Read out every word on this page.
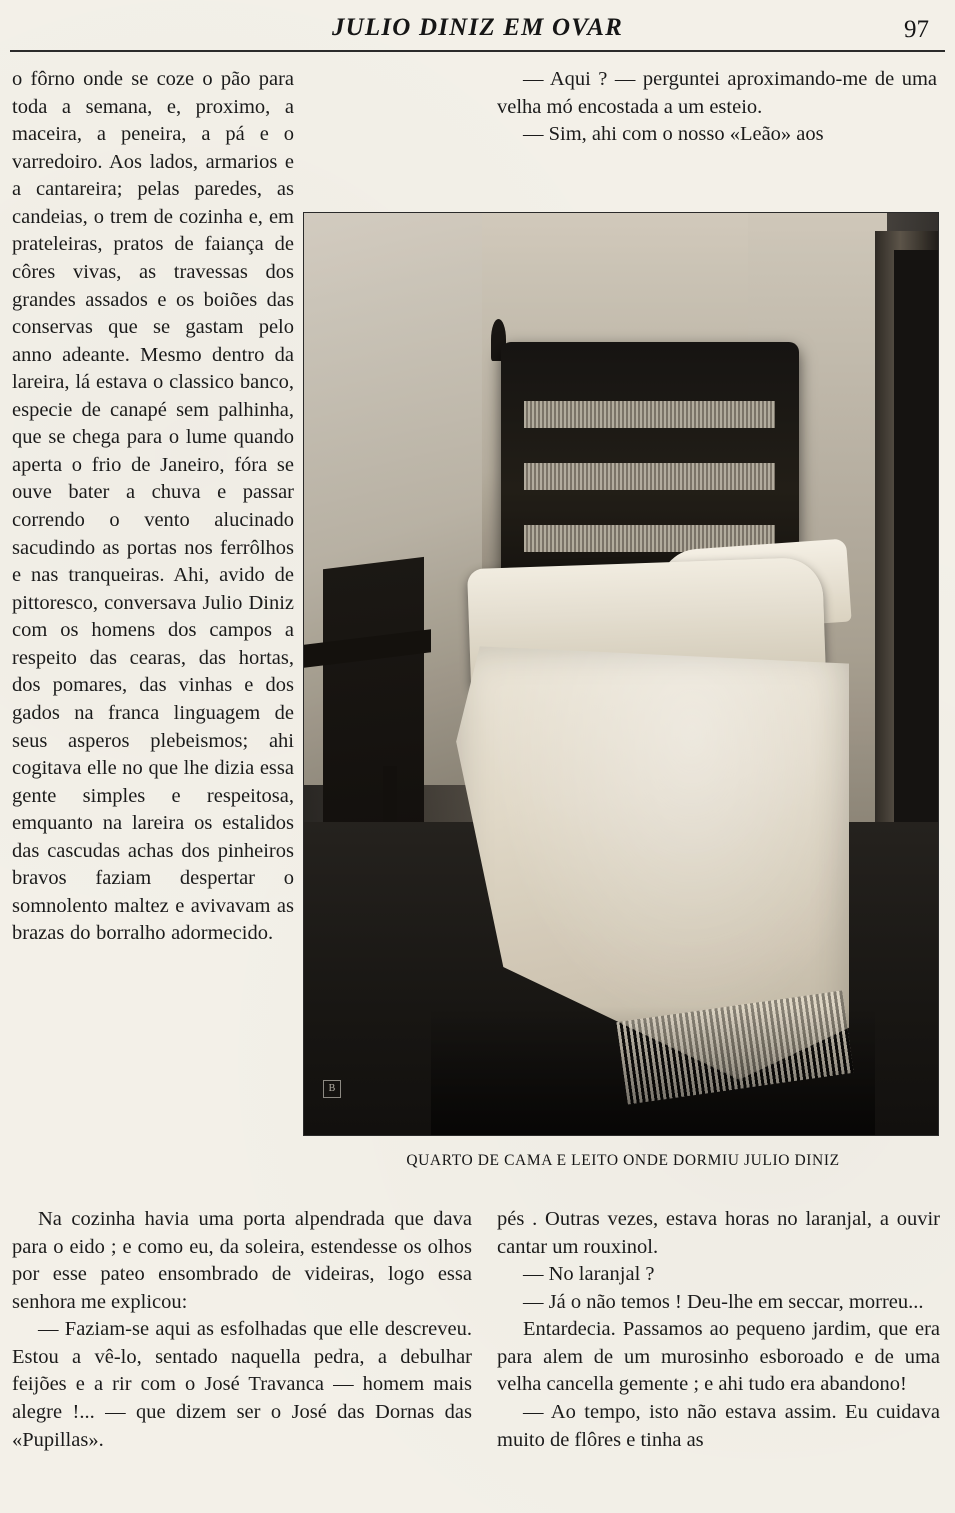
JULIO DINIZ EM OVAR	97

o fôrno onde se coze o pão para toda a semana, e, proximo, a maceira, a peneira, a pá e o varredoiro. Aos lados, armarios e a cantareira; pelas paredes, as candeias, o trem de cozinha e, em prateleiras, pratos de faiança de côres vivas, as travessas dos grandes assados e os boiões das conservas que se gastam pelo anno adeante. Mesmo dentro da lareira, lá estava o classico banco, especie de canapé sem palhinha, que se chega para o lume quando aperta o frio de Janeiro, fóra se ouve bater a chuva e passar correndo o vento alucinado sacudindo as portas nos ferrôlhos e nas tranqueiras. Ahi, avido de pittoresco, conversava Julio Diniz com os homens dos campos a respeito das cearas, das hortas, dos pomares, das vinhas e dos gados na franca linguagem de seus asperos plebeismos; ahi cogitava elle no que lhe dizia essa gente simples e respeitosa, emquanto na lareira os estalidos das cascudas achas dos pinheiros bravos faziam despertar o somnolento maltez e avivavam as brazas do borralho adormecido.

— Aqui ? — perguntei aproximando-me de uma velha mó encostada a um esteio.

— Sim, ahi com o nosso «Leão» aos

B
QUARTO DE CAMA E LEITO ONDE DORMIU JULIO DINIZ

Na cozinha havia uma porta alpendrada que dava para o eido ; e como eu, da soleira, estendesse os olhos por esse pateo ensombrado de videiras, logo essa senhora me explicou:

— Faziam-se aqui as esfolhadas que elle descreveu. Estou a vê-lo, sentado naquella pedra, a debulhar feijões e a rir com o José Travanca — homem mais alegre !... — que dizem ser o José das Dornas das «Pupillas».

pés . Outras vezes, estava horas no laranjal, a ouvir cantar um rouxinol.

— No laranjal ?

— Já o não temos ! Deu-lhe em seccar, morreu...

Entardecia. Passamos ao pequeno jardim, que era para alem de um murosinho esboroado e de uma velha cancella gemente ; e ahi tudo era abandono!

— Ao tempo, isto não estava assim. Eu cuidava muito de flôres e tinha as
